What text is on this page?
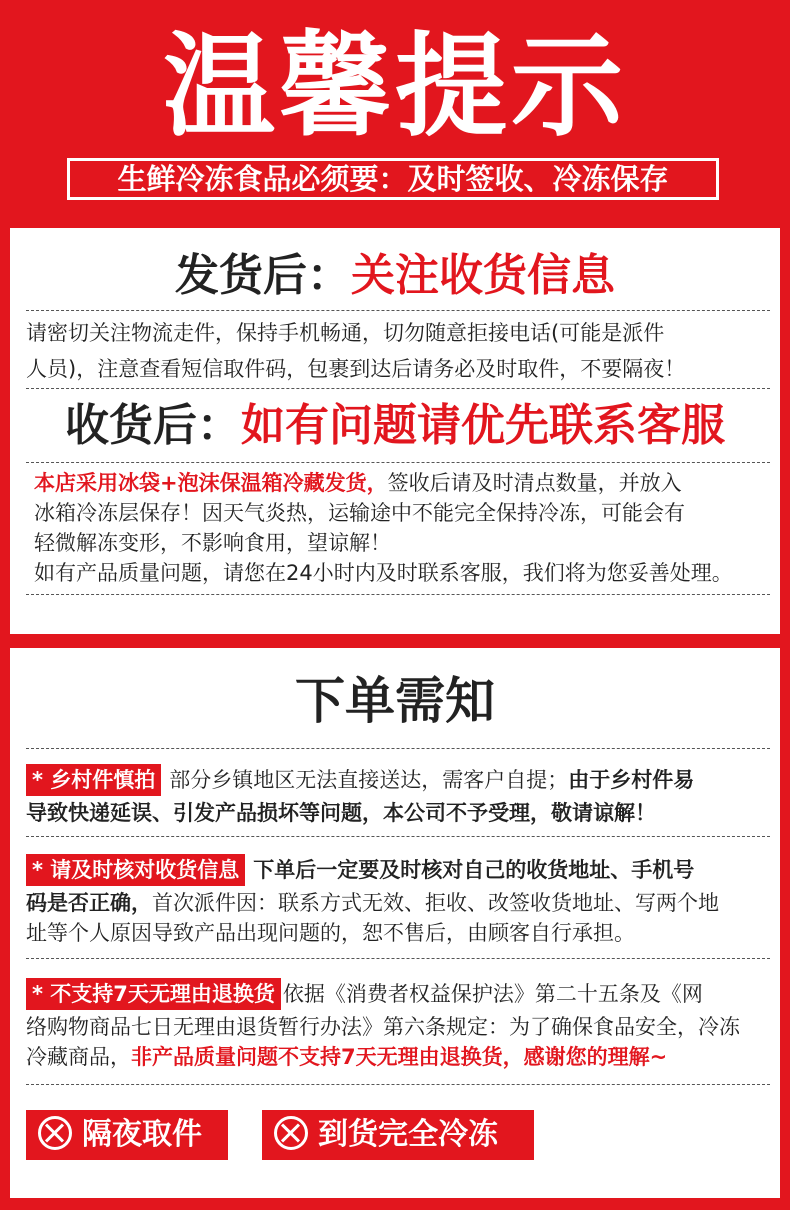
温馨提示
生鲜冷冻食品必须要：及时签收、冷冻保存
发货后：关注收货信息
请密切关注物流走件，保持手机畅通，切勿随意拒接电话(可能是派件
人员)，注意查看短信取件码，包裹到达后请务必及时取件，不要隔夜！
收货后：如有问题请优先联系客服
本店采用冰袋+泡沫保温箱冷藏发货，签收后请及时清点数量，并放入
冰箱冷冻层保存！因天气炎热，运输途中不能完全保持冷冻，可能会有
轻微解冻变形，不影响食用，望谅解！
如有产品质量问题，请您在24小时内及时联系客服，我们将为您妥善处理。
下单需知
* 乡村件慎拍 部分乡镇地区无法直接送达，需客户自提；由于乡村件易
导致快递延误、引发产品损坏等问题，本公司不予受理，敬请谅解！
* 请及时核对收货信息 下单后一定要及时核对自己的收货地址、手机号
码是否正确，首次派件因：联系方式无效、拒收、改签收货地址、写两个地
址等个人原因导致产品出现问题的，恕不售后，由顾客自行承担。
* 不支持7天无理由退换货 依据《消费者权益保护法》第二十五条及《网
络购物商品七日无理由退货暂行办法》第六条规定：为了确保食品安全，冷冻
冷藏商品，非产品质量问题不支持7天无理由退换货，感谢您的理解~
隔夜取件	到货完全冷冻
